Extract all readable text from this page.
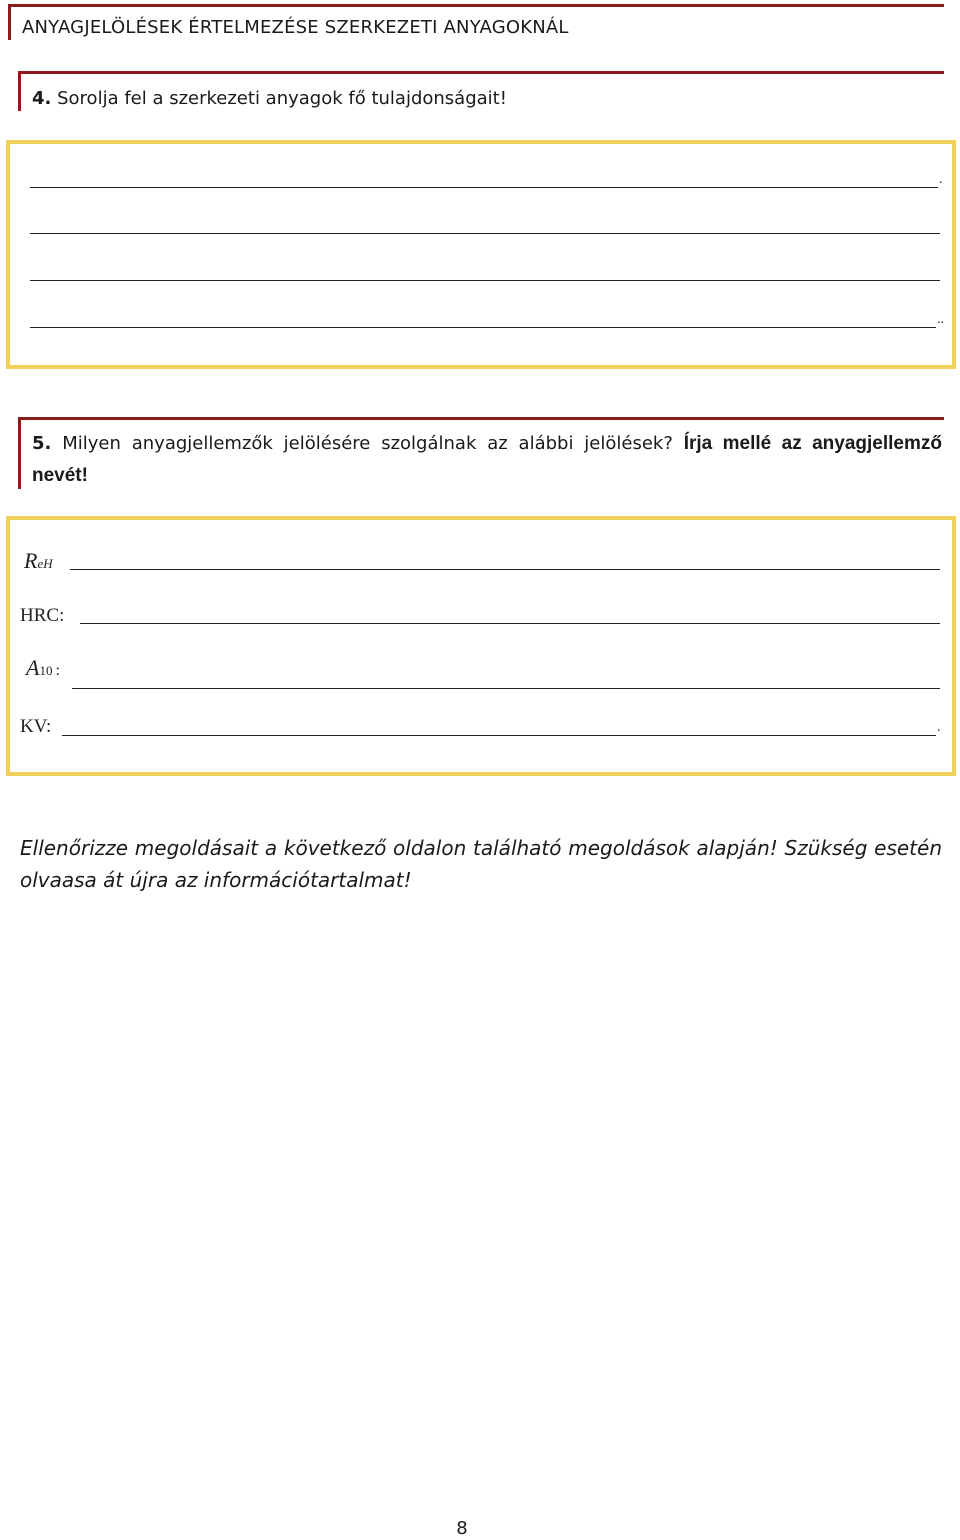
ANYAGJELÖLÉSEK ÉRTELMEZÉSE SZERKEZETI ANYAGOKNÁL
4. Sorolja fel a szerkezeti anyagok fő tulajdonságait!
.
..
5. Milyen anyagjellemzők jelölésére szolgálnak az alábbi jelölések? Írja mellé az anyagjellemző nevét!
ReH
HRC:
A10 :
KV:	.
Ellenőrizze megoldásait a következő oldalon található megoldások alapján! Szükség esetén olvaasa át újra az információtartalmat!
8
